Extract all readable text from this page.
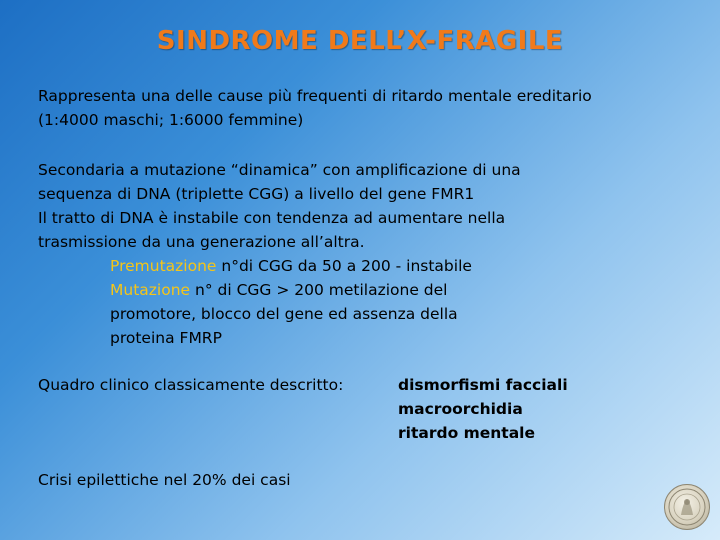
SINDROME DELL’X-FRAGILE
Rappresenta una delle cause più frequenti di ritardo mentale ereditario
(1:4000 maschi; 1:6000 femmine)
Secondaria a mutazione “dinamica” con amplificazione di una
sequenza di DNA (triplette CGG) a livello del gene FMR1
Il tratto di DNA è instabile con tendenza ad aumentare nella
trasmissione da una generazione all’altra.
Premutazione n°di CGG da 50 a 200 - instabile
Mutazione n° di CGG > 200 metilazione del
promotore, blocco del gene ed assenza della
proteina FMRP
Quadro clinico classicamente descritto:	dismorfismi facciali
macroorchidia
ritardo mentale
Crisi epilettiche nel 20% dei casi
